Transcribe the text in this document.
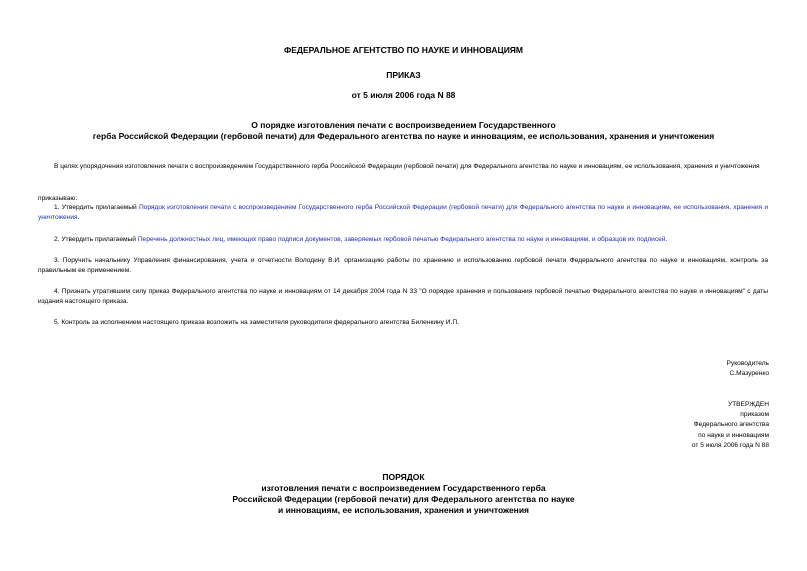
ФЕДЕРАЛЬНОЕ АГЕНТСТВО ПО НАУКЕ И ИННОВАЦИЯМ
ПРИКАЗ
от 5 июля 2006 года N 88
О порядке изготовления печати с воспроизведением Государственного
герба Российской Федерации (гербовой печати) для Федерального агентства по науке и инновациям, ее использования, хранения и уничтожения
В целях упорядочения изготовления печати с воспроизведением Государственного герба Российской Федерации (гербовой печати) для Федерального агентства по науке и инновациям, ее использования, хранения и уничтожения
приказываю:
1. Утвердить прилагаемый Порядок изготовления печати с воспроизведением Государственного герба Российской Федерации (гербовой печати) для Федерального агентства по науке и инновациям, ее использования, хранения и уничтожения.
2. Утвердить прилагаемый Перечень должностных лиц, имеющих право подписи документов, заверяемых гербовой печатью Федерального агентства по науке и инновациям, и образцов их подписей.
3. Поручить начальнику Управления финансирования, учета и отчетности Володину В.И. организацию работы по хранению и использованию гербовой печати Федерального агентства по науке и инновациям, контроль за правильным ее применением.
4. Признать утратившим силу приказ Федерального агентства по науке и инновациям от 14 декабря 2004 года N 33 "О порядке хранения и пользования гербовой печатью Федерального агентства по науке и инновациям" с даты издания настоящего приказа.
5. Контроль за исполнением настоящего приказа возложить на заместителя руководителя федерального агентства Биленкину И.П.
Руководитель
С.Мазуренко
УТВЕРЖДЕН
приказом
Федерального агентства
по науке и инновациям
от 5 июля 2006 года N 88
ПОРЯДОК
изготовления печати с воспроизведением Государственного герба
Российской Федерации (гербовой печати) для Федерального агентства по науке
и инновациям, ее использования, хранения и уничтожения
